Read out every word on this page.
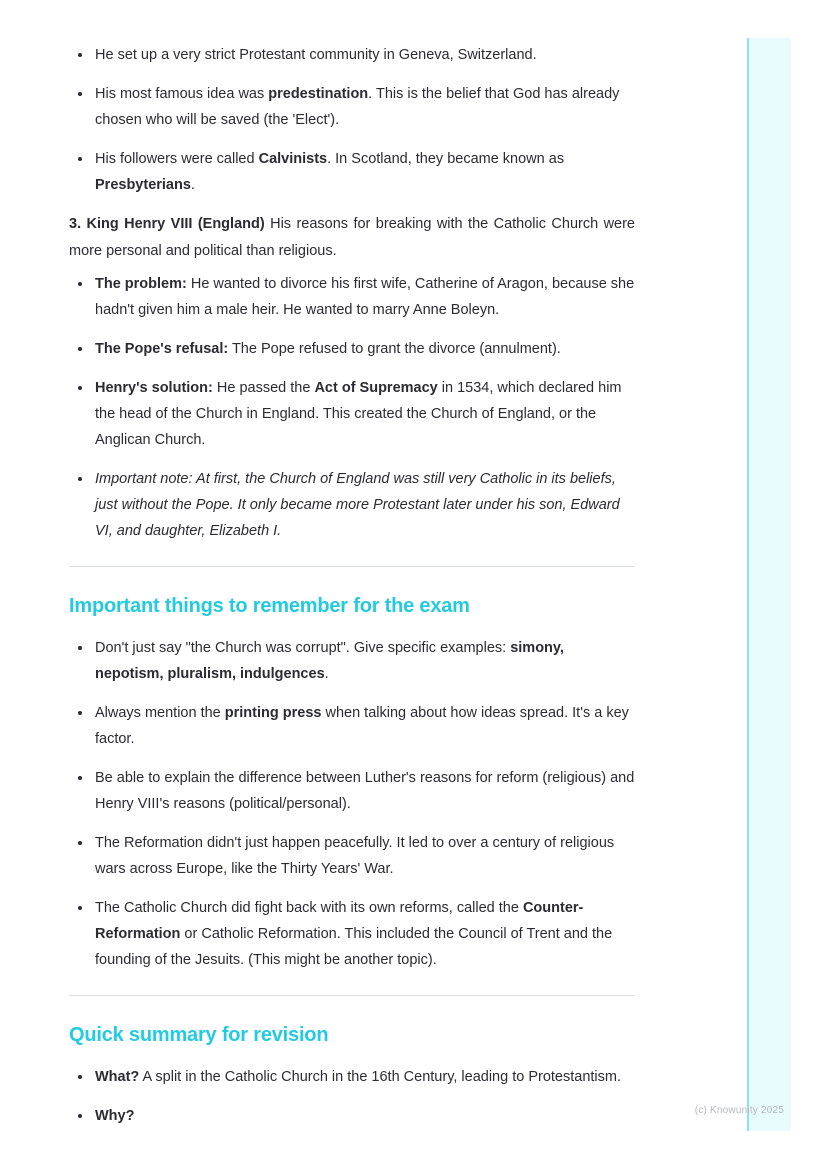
(c) Knowunity 2025
He set up a very strict Protestant community in Geneva, Switzerland.
His most famous idea was predestination. This is the belief that God has already chosen who will be saved (the 'Elect').
His followers were called Calvinists. In Scotland, they became known as Presbyterians.

3. King Henry VIII (England) His reasons for breaking with the Catholic Church were more personal and political than religious.

The problem: He wanted to divorce his first wife, Catherine of Aragon, because she hadn't given him a male heir. He wanted to marry Anne Boleyn.
The Pope's refusal: The Pope refused to grant the divorce (annulment).
Henry's solution: He passed the Act of Supremacy in 1534, which declared him the head of the Church in England. This created the Church of England, or the Anglican Church.
Important note: At first, the Church of England was still very Catholic in its beliefs, just without the Pope. It only became more Protestant later under his son, Edward VI, and daughter, Elizabeth I.
Important things to remember for the exam
Don't just say "the Church was corrupt". Give specific examples: simony, nepotism, pluralism, indulgences.
Always mention the printing press when talking about how ideas spread. It's a key factor.
Be able to explain the difference between Luther's reasons for reform (religious) and Henry VIII's reasons (political/personal).
The Reformation didn't just happen peacefully. It led to over a century of religious wars across Europe, like the Thirty Years' War.
The Catholic Church did fight back with its own reforms, called the Counter-Reformation or Catholic Reformation. This included the Council of Trent and the founding of the Jesuits. (This might be another topic).
Quick summary for revision
What? A split in the Catholic Church in the 16th Century, leading to Protestantism.
Why?
